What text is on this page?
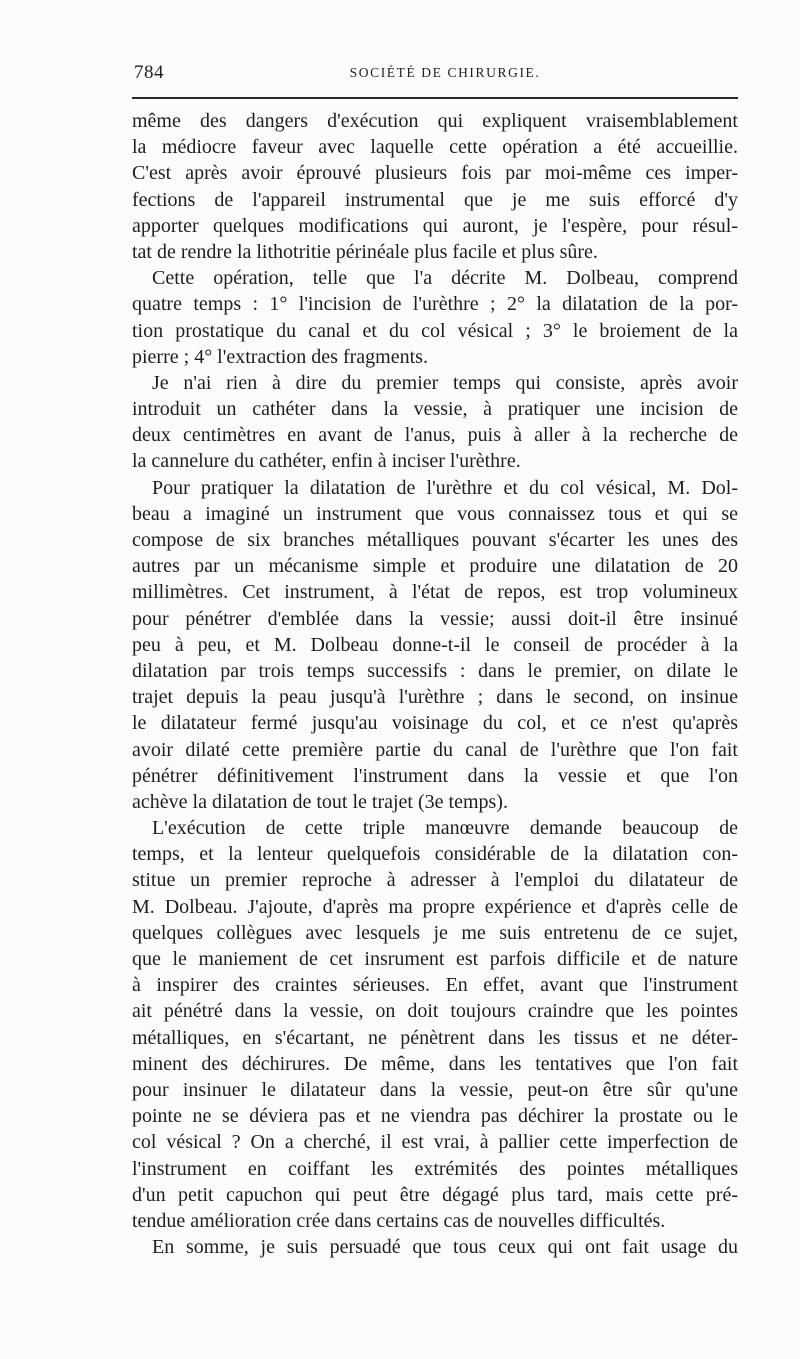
784	SOCIÉTÉ DE CHIRURGIE.
même des dangers d'exécution qui expliquent vraisemblablement
la médiocre faveur avec laquelle cette opération a été accueillie.
C'est après avoir éprouvé plusieurs fois par moi-même ces imper-
fections de l'appareil instrumental que je me suis efforcé d'y
apporter quelques modifications qui auront, je l'espère, pour résul-
tat de rendre la lithotritie périnéale plus facile et plus sûre.
Cette opération, telle que l'a décrite M. Dolbeau, comprend
quatre temps : 1° l'incision de l'urèthre ; 2° la dilatation de la por-
tion prostatique du canal et du col vésical ; 3° le broiement de la
pierre ; 4° l'extraction des fragments.
Je n'ai rien à dire du premier temps qui consiste, après avoir
introduit un cathéter dans la vessie, à pratiquer une incision de
deux centimètres en avant de l'anus, puis à aller à la recherche de
la cannelure du cathéter, enfin à inciser l'urèthre.
Pour pratiquer la dilatation de l'urèthre et du col vésical, M. Dol-
beau a imaginé un instrument que vous connaissez tous et qui se
compose de six branches métalliques pouvant s'écarter les unes des
autres par un mécanisme simple et produire une dilatation de 20
millimètres. Cet instrument, à l'état de repos, est trop volumineux
pour pénétrer d'emblée dans la vessie; aussi doit-il être insinué
peu à peu, et M. Dolbeau donne-t-il le conseil de procéder à la
dilatation par trois temps successifs : dans le premier, on dilate le
trajet depuis la peau jusqu'à l'urèthre ; dans le second, on insinue
le dilatateur fermé jusqu'au voisinage du col, et ce n'est qu'après
avoir dilaté cette première partie du canal de l'urèthre que l'on fait
pénétrer définitivement l'instrument dans la vessie et que l'on
achève la dilatation de tout le trajet (3e temps).
L'exécution de cette triple manœuvre demande beaucoup de
temps, et la lenteur quelquefois considérable de la dilatation con-
stitue un premier reproche à adresser à l'emploi du dilatateur de
M. Dolbeau. J'ajoute, d'après ma propre expérience et d'après celle de
quelques collègues avec lesquels je me suis entretenu de ce sujet,
que le maniement de cet insrument est parfois difficile et de nature
à inspirer des craintes sérieuses. En effet, avant que l'instrument
ait pénétré dans la vessie, on doit toujours craindre que les pointes
métalliques, en s'écartant, ne pénètrent dans les tissus et ne déter-
minent des déchirures. De même, dans les tentatives que l'on fait
pour insinuer le dilatateur dans la vessie, peut-on être sûr qu'une
pointe ne se déviera pas et ne viendra pas déchirer la prostate ou le
col vésical ? On a cherché, il est vrai, à pallier cette imperfection de
l'instrument en coiffant les extrémités des pointes métalliques
d'un petit capuchon qui peut être dégagé plus tard, mais cette pré-
tendue amélioration crée dans certains cas de nouvelles difficultés.
En somme, je suis persuadé que tous ceux qui ont fait usage du
